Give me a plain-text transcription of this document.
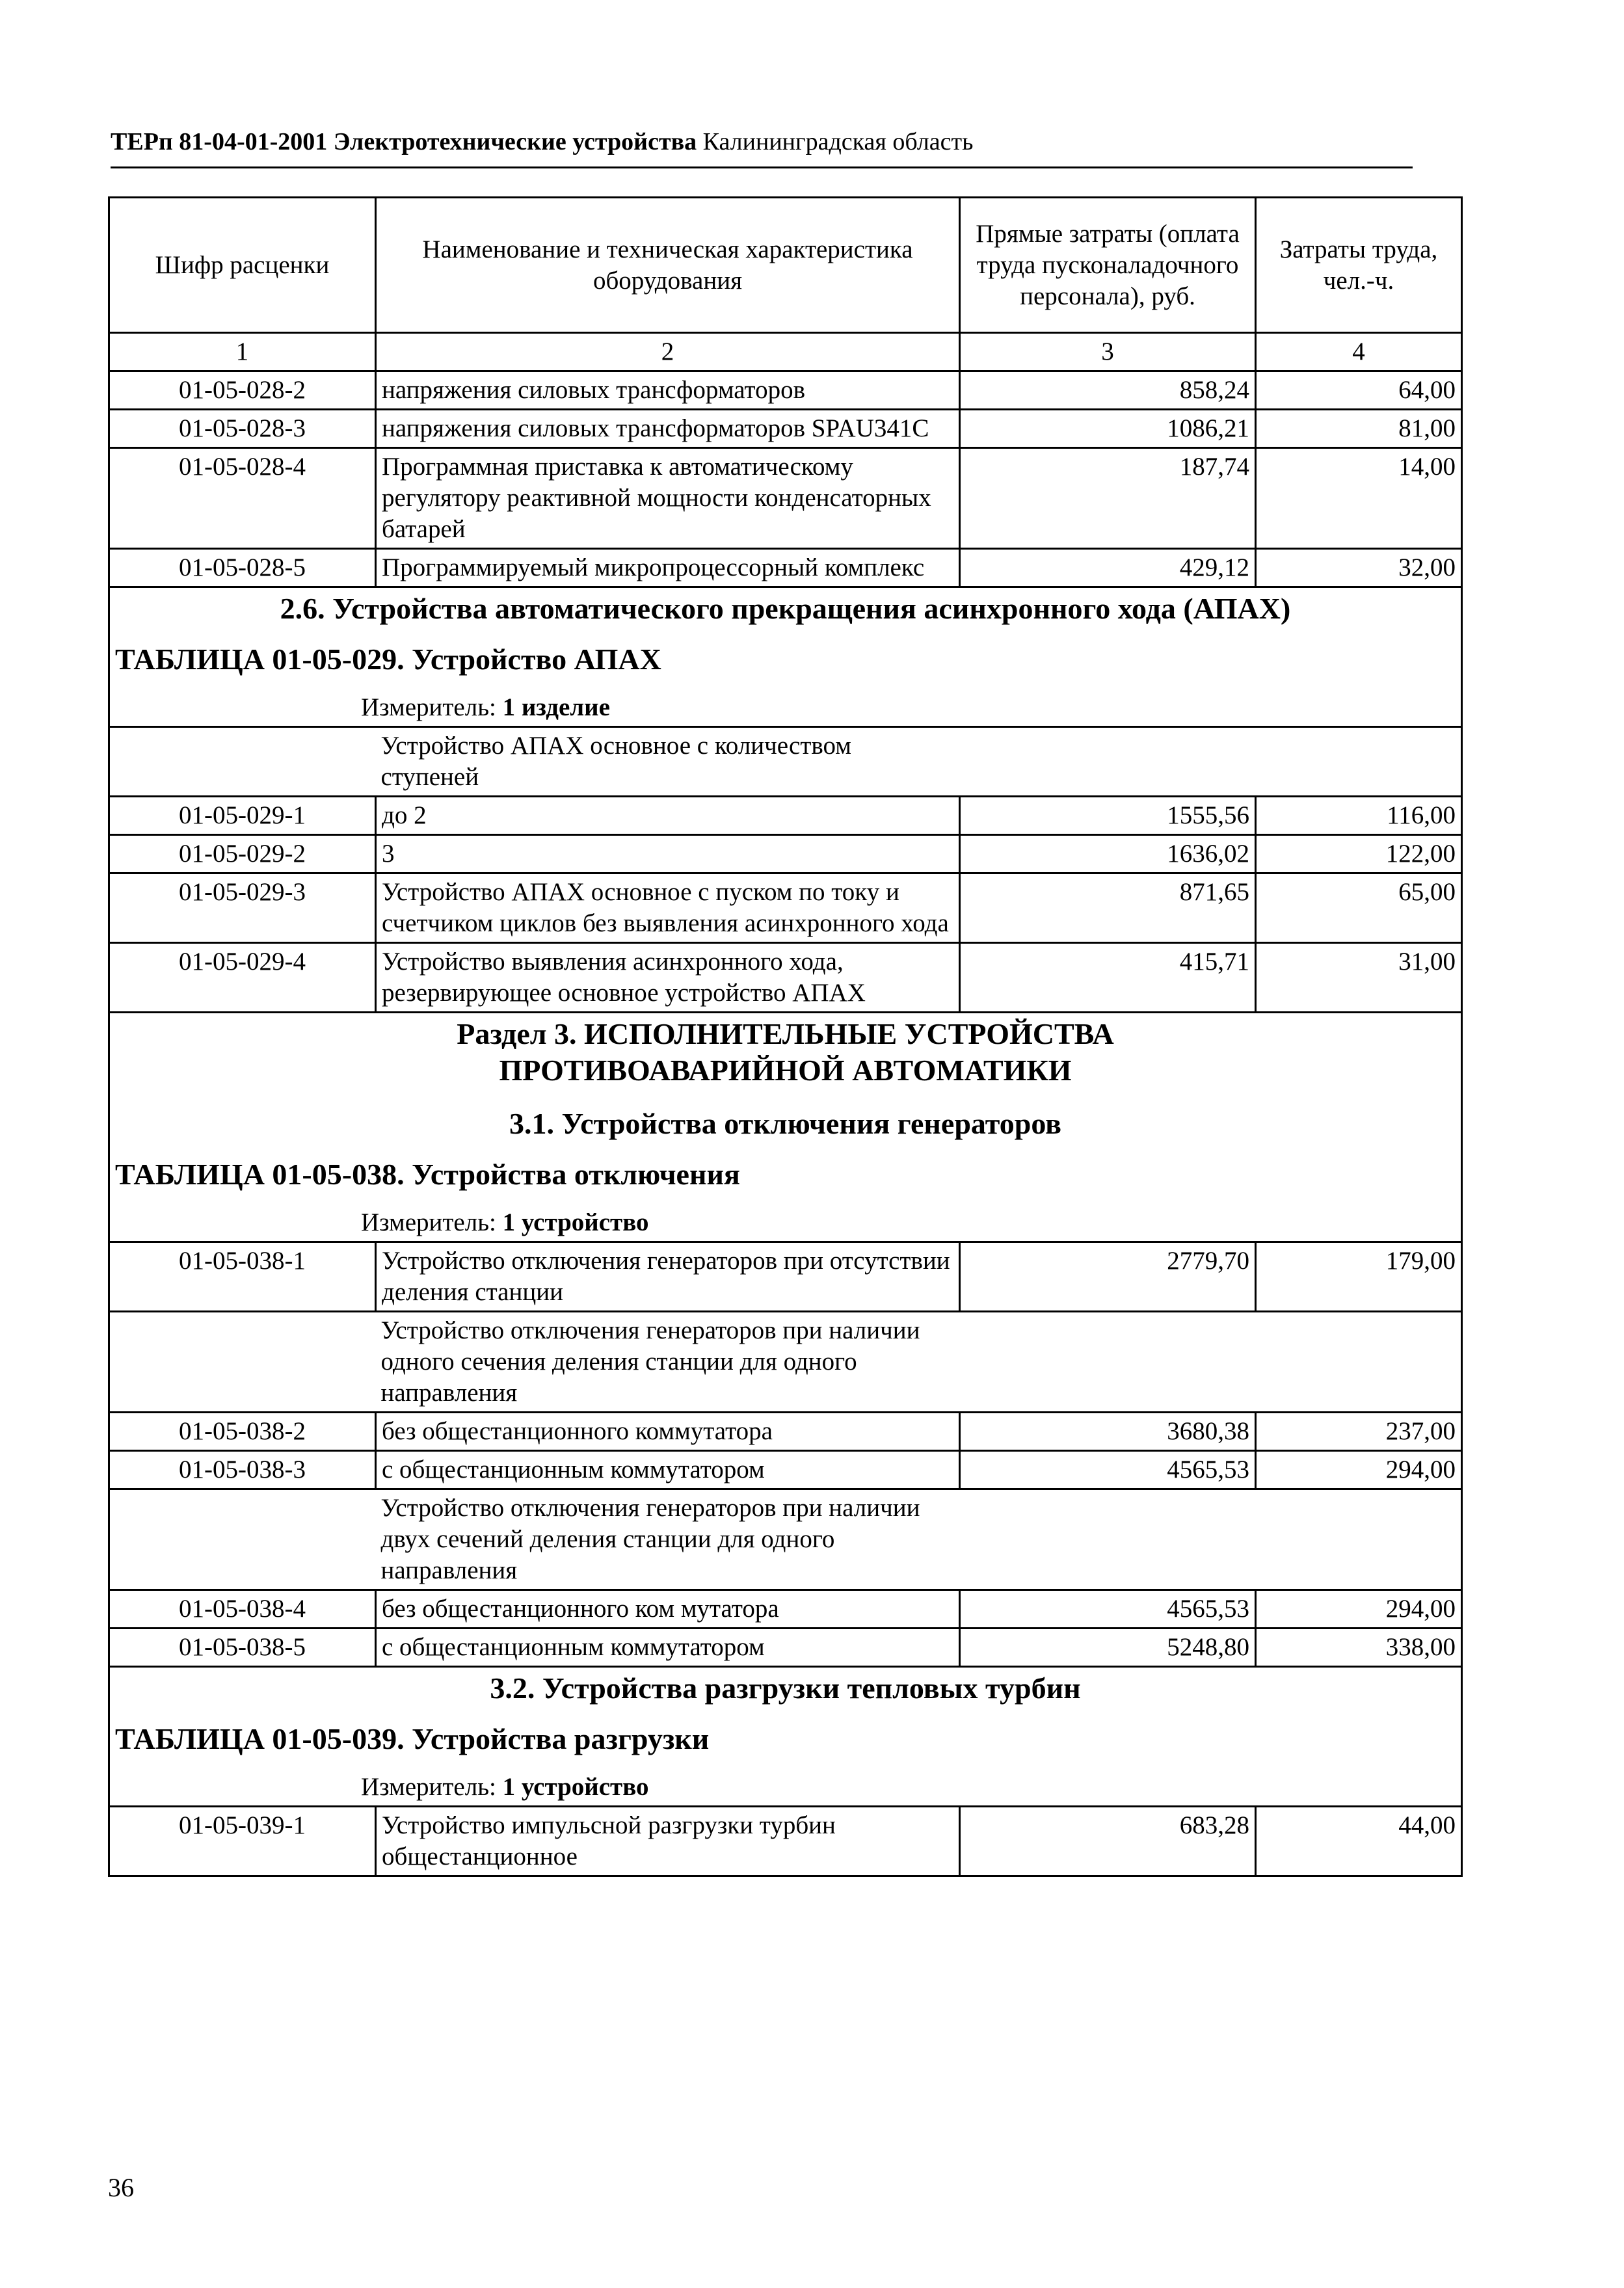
ТЕРп 81-04-01-2001 Электротехнические устройства Калининградская область
Шифр расценки	Наименование и техническая характеристика оборудования	Прямые затраты (оплата труда пусконаладочного персонала), руб.	Затраты труда, чел.-ч.
1	2	3	4
01-05-028-2	напряжения силовых трансформаторов	858,24	64,00
01-05-028-3	напряжения силовых трансформаторов SPAU341C	1086,21	81,00
01-05-028-4	Программная приставка к автоматическому регулятору реактивной мощности конденсаторных батарей	187,74	14,00
01-05-028-5	Программируемый микропроцессорный комплекс	429,12	32,00

2.6. Устройства автоматического прекращения асинхронного хода (АПАХ)
ТАБЛИЦА 01-05-029. Устройство АПАХ
Измеритель: 1 изделие			

	Устройство АПАХ основное с количеством ступеней		
01-05-029-1	до 2	1555,56	116,00
01-05-029-2	3	1636,02	122,00
01-05-029-3	Устройство АПАХ основное с пуском по току и счетчиком циклов без выявления асинхронного хода	871,65	65,00
01-05-029-4	Устройство выявления асинхронного хода, резервирующее основное устройство АПАХ	415,71	31,00

Раздел 3. ИСПОЛНИТЕЛЬНЫЕ УСТРОЙСТВА ПРОТИВОАВАРИЙНОЙ АВТОМАТИКИ
3.1. Устройства отключения генераторов
ТАБЛИЦА 01-05-038. Устройства отключения
Измеритель: 1 устройство			

01-05-038-1	Устройство отключения генераторов при отсутствии деления станции	2779,70	179,00
	Устройство отключения генераторов при наличии одного сечения деления станции для одного направления		
01-05-038-2	без общестанционного коммутатора	3680,38	237,00
01-05-038-3	с общестанционным коммутатором	4565,53	294,00
	Устройство отключения генераторов при наличии двух сечений деления станции для одного направления		
01-05-038-4	без общестанционного ком мутатора	4565,53	294,00
01-05-038-5	с общестанционным коммутатором	5248,80	338,00

3.2. Устройства разгрузки тепловых турбин
ТАБЛИЦА 01-05-039. Устройства разгрузки
Измеритель: 1 устройство			

01-05-039-1	Устройство импульсной разгрузки турбин общестанционное	683,28	44,00
36
